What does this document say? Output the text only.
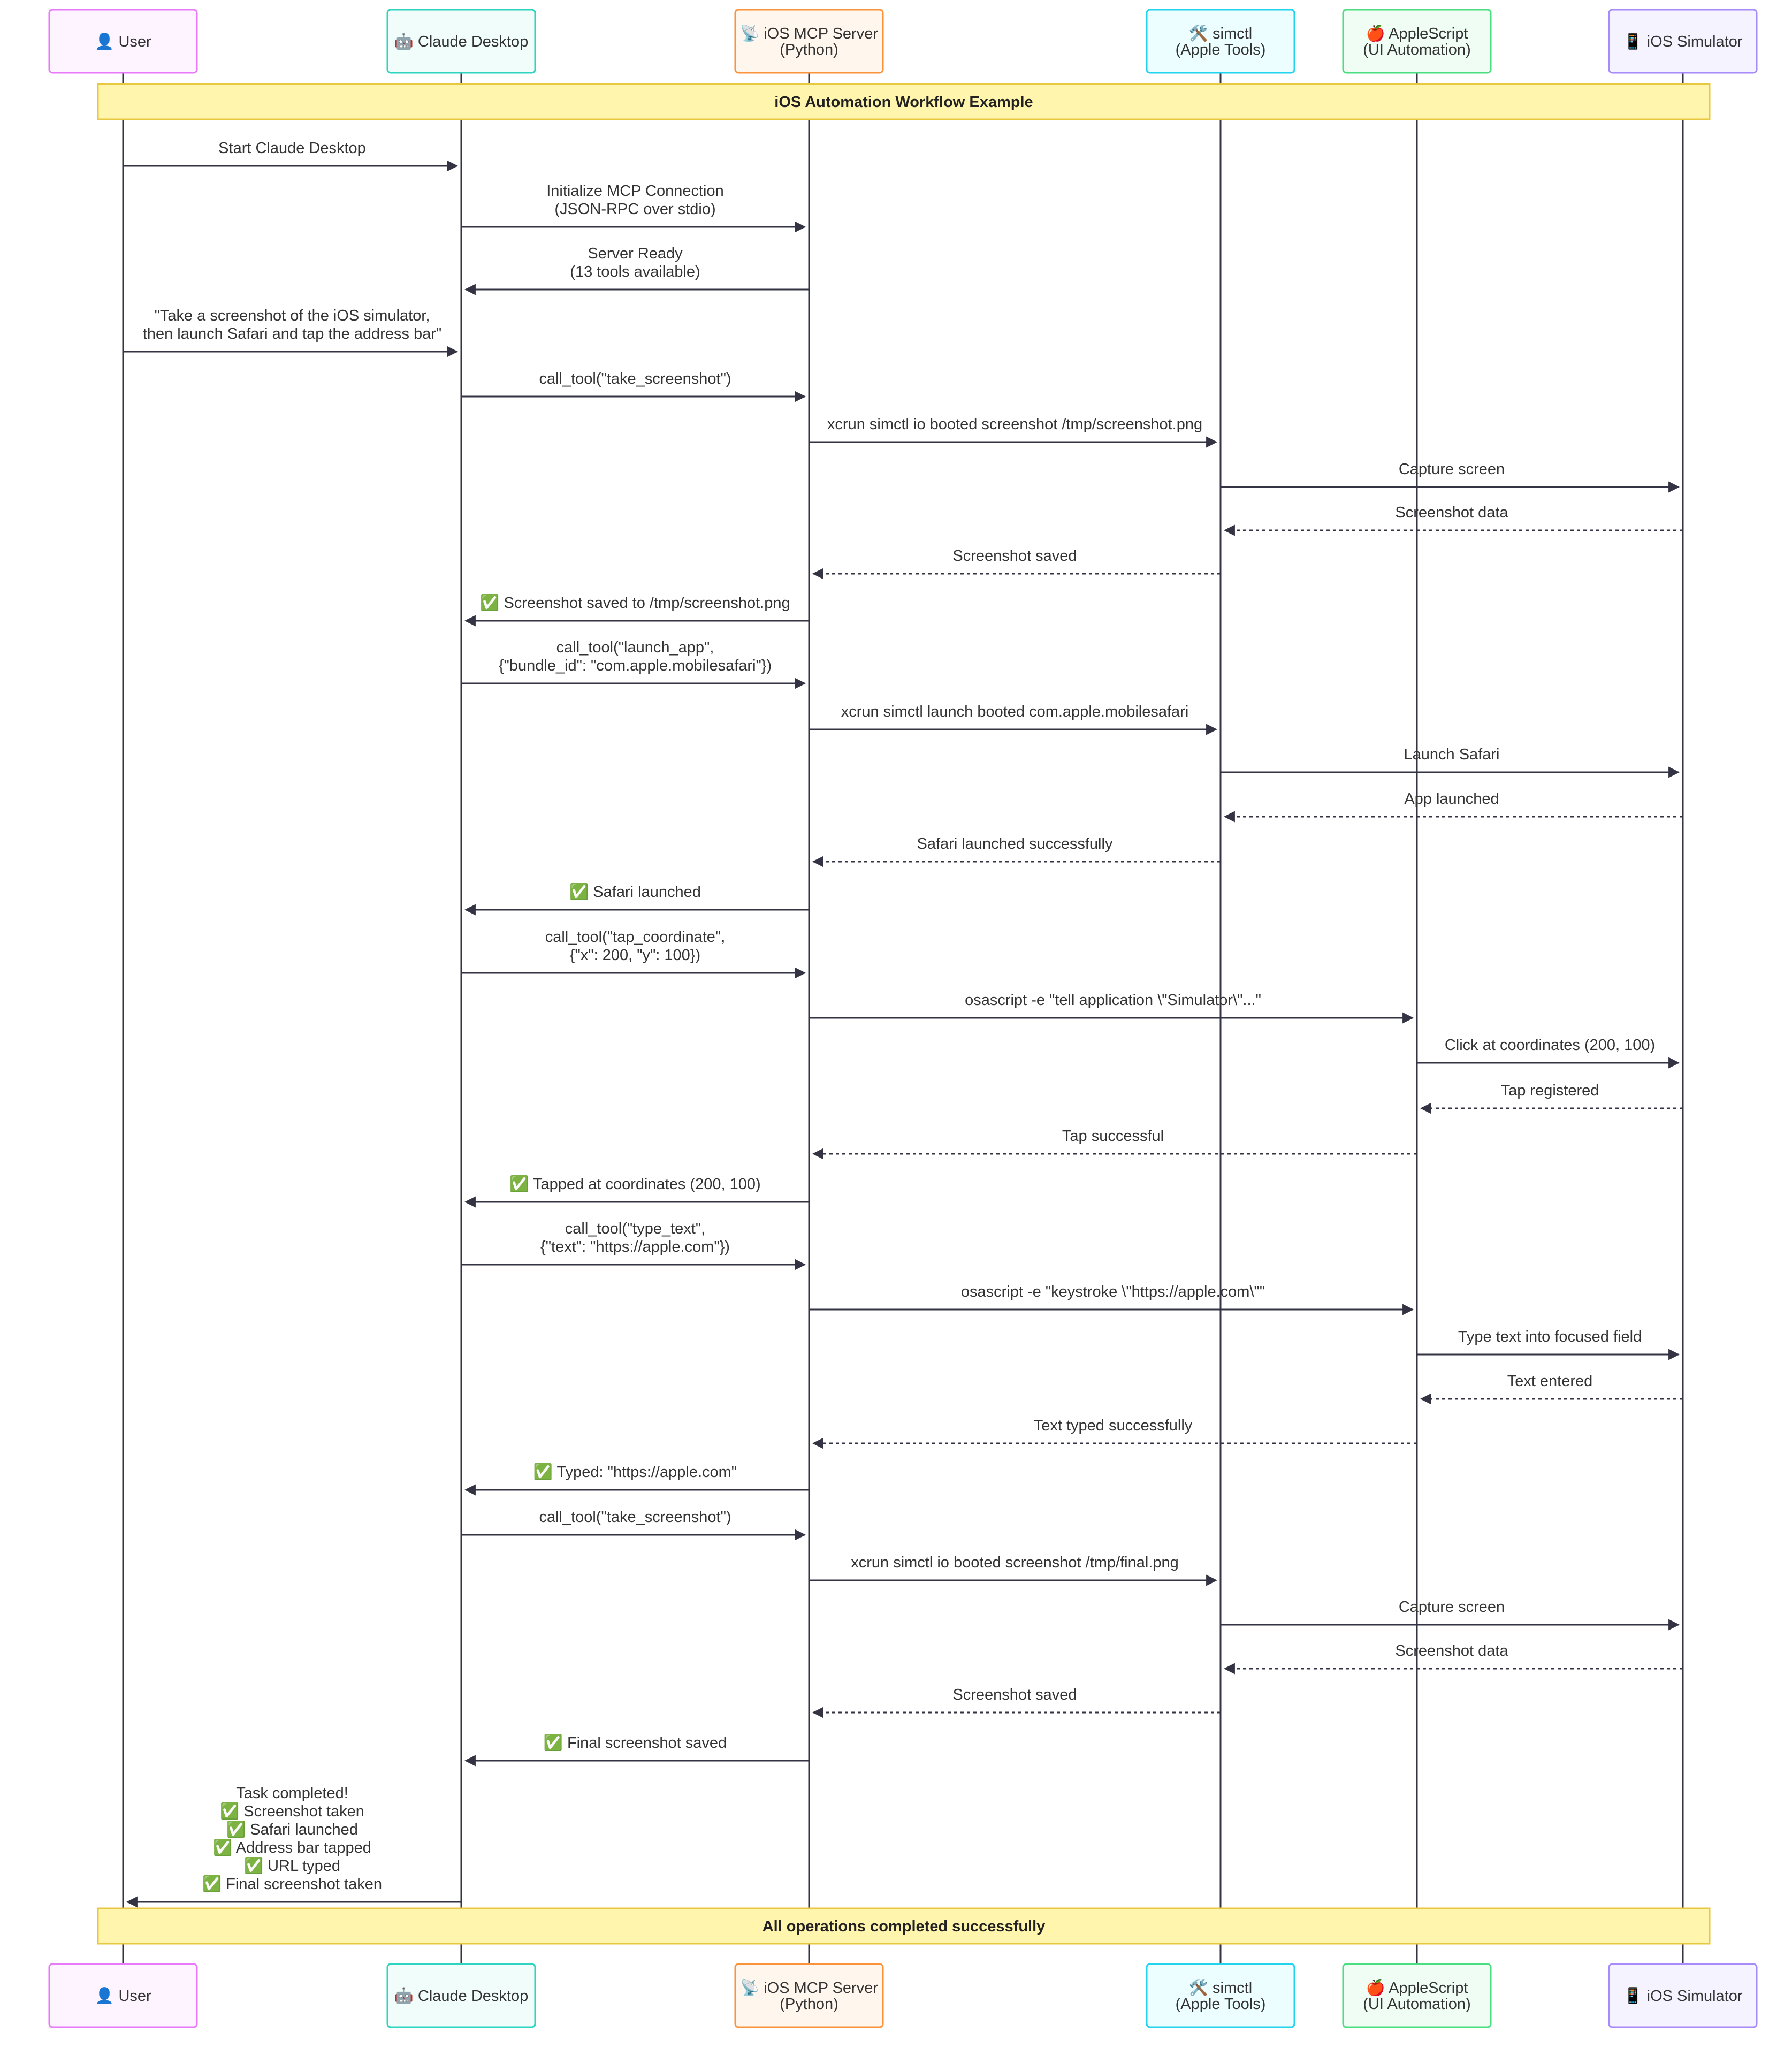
iOS Automation Workflow Example
All operations completed successfully
Start Claude Desktop
Initialize MCP Connection
(JSON-RPC over stdio)
Server Ready
(13 tools available)
"Take a screenshot of the iOS simulator,
then launch Safari and tap the address bar"
call_tool("take_screenshot")
xcrun simctl io booted screenshot /tmp/screenshot.png
Capture screen
Screenshot data
Screenshot saved
✅ Screenshot saved to /tmp/screenshot.png
call_tool("launch_app",
{"bundle_id": "com.apple.mobilesafari"})
xcrun simctl launch booted com.apple.mobilesafari
Launch Safari
App launched
Safari launched successfully
✅ Safari launched
call_tool("tap_coordinate",
{"x": 200, "y": 100})
osascript -e "tell application \"Simulator\"..."
Click at coordinates (200, 100)
Tap registered
Tap successful
✅ Tapped at coordinates (200, 100)
call_tool("type_text",
{"text": "https://apple.com"})
osascript -e "keystroke \"https://apple.com\""
Type text into focused field
Text entered
Text typed successfully
✅ Typed: "https://apple.com"
call_tool("take_screenshot")
xcrun simctl io booted screenshot /tmp/final.png
Capture screen
Screenshot data
Screenshot saved
✅ Final screenshot saved
Task completed!
✅ Screenshot taken
✅ Safari launched
✅ Address bar tapped
✅ URL typed
✅ Final screenshot taken
👤 User	🤖 Claude Desktop	📡 iOS MCP Server
(Python)
🛠️ simctl
(Apple Tools)
🍎 AppleScript
(UI Automation)	📱 iOS Simulator
👤 User	🤖 Claude Desktop	📡 iOS MCP Server
(Python)
🛠️ simctl
(Apple Tools)
🍎 AppleScript
(UI Automation)	📱 iOS Simulator
